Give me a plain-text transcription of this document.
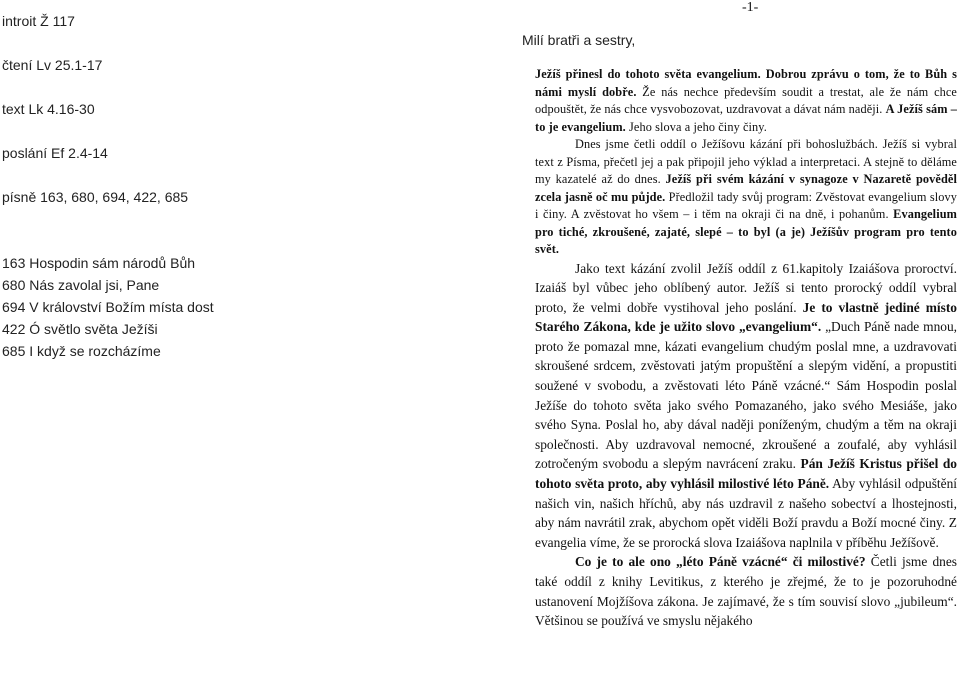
introit Ž 117
čtení Lv 25.1-17
text Lk 4.16-30
poslání Ef 2.4-14
písně 163, 680, 694, 422, 685
163 Hospodin sám národů Bůh
680 Nás zavolal jsi, Pane
694 V království Božím místa dost
422 Ó světlo světa Ježíši
685 I když se rozcházíme
-1-
Milí bratři a sestry,

Ježíš přinesl do tohoto světa evangelium. Dobrou zprávu o tom, že to Bůh s námi myslí dobře. Že nás nechce především soudit a trestat, ale že nám chce odpouštět, že nás chce vysvobozovat, uzdravovat a dávat nám naději. A Ježíš sám – to je evangelium. Jeho slova a jeho činy činy.

Dnes jsme četli oddíl o Ježíšovu kázání při bohoslužbách. Ježíš si vybral text z Písma, přečetl jej a pak připojil jeho výklad a interpretaci. A stejně to děláme my kazatelé až do dnes. Ježíš při svém kázání v synagoze v Nazaretě pověděl zcela jasně oč mu půjde. Předložil tady svůj program: Zvěstovat evangelium slovy i činy. A zvěstovat ho všem – i těm na okraji či na dně, i pohanům. Evangelium pro tiché, zkroušené, zajaté, slepé – to byl (a je) Ježíšův program pro tento svět.

Jako text kázání zvolil Ježíš oddíl z 61.kapitoly Izaiášova proroctví. Izaiáš byl vůbec jeho oblíbený autor. Ježíš si tento prorocký oddíl vybral proto, že velmi dobře vystihoval jeho poslání. Je to vlastně jediné místo Starého Zákona, kde je užito slovo „evangelium“. „Duch Páně nade mnou, proto že pomazal mne, kázati evangelium chudým poslal mne, a uzdravovati skroušené srdcem, zvěstovati jatým propuštění a slepým vidění, a propustiti soužené v svobodu, a zvěstovati léto Páně vzácné.“ Sám Hospodin poslal Ježíše do tohoto světa jako svého Pomazaného, jako svého Mesiáše, jako svého Syna. Poslal ho, aby dával naději poníženým, chudým a těm na okraji společnosti. Aby uzdravoval nemocné, zkroušené a zoufalé, aby vyhlásil zotročeným svobodu a slepým navrácení zraku. Pán Ježíš Kristus přišel do tohoto světa proto, aby vyhlásil milostivé léto Páně. Aby vyhlásil odpuštění našich vin, našich hříchů, aby nás uzdravil z našeho sobectví a lhostejnosti, aby nám navrátil zrak, abychom opět viděli Boží pravdu a Boží mocné činy. Z evangelia víme, že se prorocká slova Izaiášova naplnila v příběhu Ježíšově.

Co je to ale ono „léto Páně vzácné“ či milostivé? Četli jsme dnes také oddíl z knihy Levitikus, z kterého je zřejmé, že to je pozoruhodné ustanovení Mojžíšova zákona. Je zajímavé, že s tím souvisí slovo „jubileum“. Většinou se používá ve smyslu nějakého
